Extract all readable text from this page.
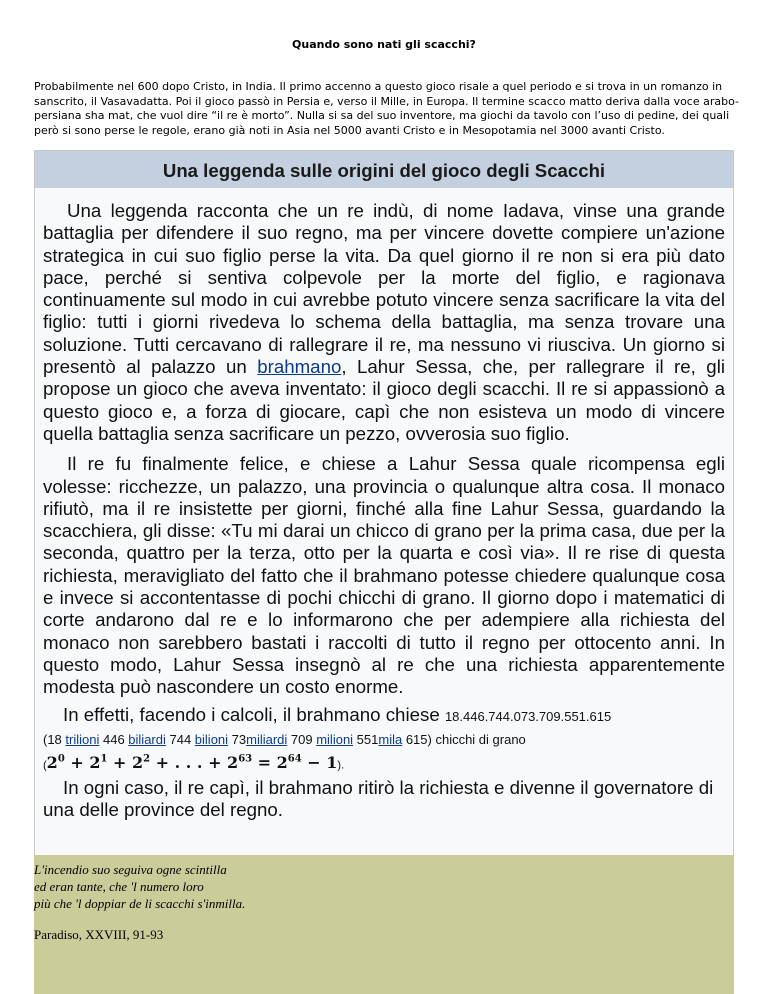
Quando sono nati gli scacchi?
Probabilmente nel 600 dopo Cristo, in India. Il primo accenno a questo gioco risale a quel periodo e si trova in un romanzo in sanscrito, il Vasavadatta. Poi il gioco passò in Persia e, verso il Mille, in Europa. Il termine scacco matto deriva dalla voce arabo-persiana sha mat, che vuol dire “il re è morto”. Nulla si sa del suo inventore, ma giochi da tavolo con l’uso di pedine, dei quali però si sono perse le regole, erano già noti in Asia nel 5000 avanti Cristo e in Mesopotamia nel 3000 avanti Cristo.
Una leggenda sulle origini del gioco degli Scacchi

Una leggenda racconta che un re indù, di nome Iadava, vinse una grande battaglia per difendere il suo regno, ma per vincere dovette compiere un'azione strategica in cui suo figlio perse la vita. Da quel giorno il re non si era più dato pace, perché si sentiva colpevole per la morte del figlio, e ragionava continuamente sul modo in cui avrebbe potuto vincere senza sacrificare la vita del figlio: tutti i giorni rivedeva lo schema della battaglia, ma senza trovare una soluzione. Tutti cercavano di rallegrare il re, ma nessuno vi riusciva. Un giorno si presentò al palazzo un brahmano, Lahur Sessa, che, per rallegrare il re, gli propose un gioco che aveva inventato: il gioco degli scacchi. Il re si appassionò a questo gioco e, a forza di giocare, capì che non esisteva un modo di vincere quella battaglia senza sacrificare un pezzo, ovverosia suo figlio.

Il re fu finalmente felice, e chiese a Lahur Sessa quale ricompensa egli volesse: ricchezze, un palazzo, una provincia o qualunque altra cosa. Il monaco rifiutò, ma il re insistette per giorni, finché alla fine Lahur Sessa, guardando la scacchiera, gli disse: «Tu mi darai un chicco di grano per la prima casa, due per la seconda, quattro per la terza, otto per la quarta e così via». Il re rise di questa richiesta, meravigliato del fatto che il brahmano potesse chiedere qualunque cosa e invece si accontentasse di pochi chicchi di grano. Il giorno dopo i matematici di corte andarono dal re e lo informarono che per adempiere alla richiesta del monaco non sarebbero bastati i raccolti di tutto il regno per ottocento anni. In questo modo, Lahur Sessa insegnò al re che una richiesta apparentemente modesta può nascondere un costo enorme.

In effetti, facendo i calcoli, il brahmano chiese 18.446.744.073.709.551.615

(18 trilioni 446 biliardi 744 bilioni 73miliardi 709 milioni 551mila 615) chicchi di grano
($2^0 + 2^1 + 2^2$ + . . . + $2^{63} = 2^{64} - 1$).

In ogni caso, il re capì, il brahmano ritirò la richiesta e divenne il governatore di una delle province del regno.

L'incendio suo seguiva ogne scintilla
ed eran tante, che 'l numero loro
più che 'l doppiar de li scacchi s'inmilla.
Paradiso, XXVIII, 91-93
